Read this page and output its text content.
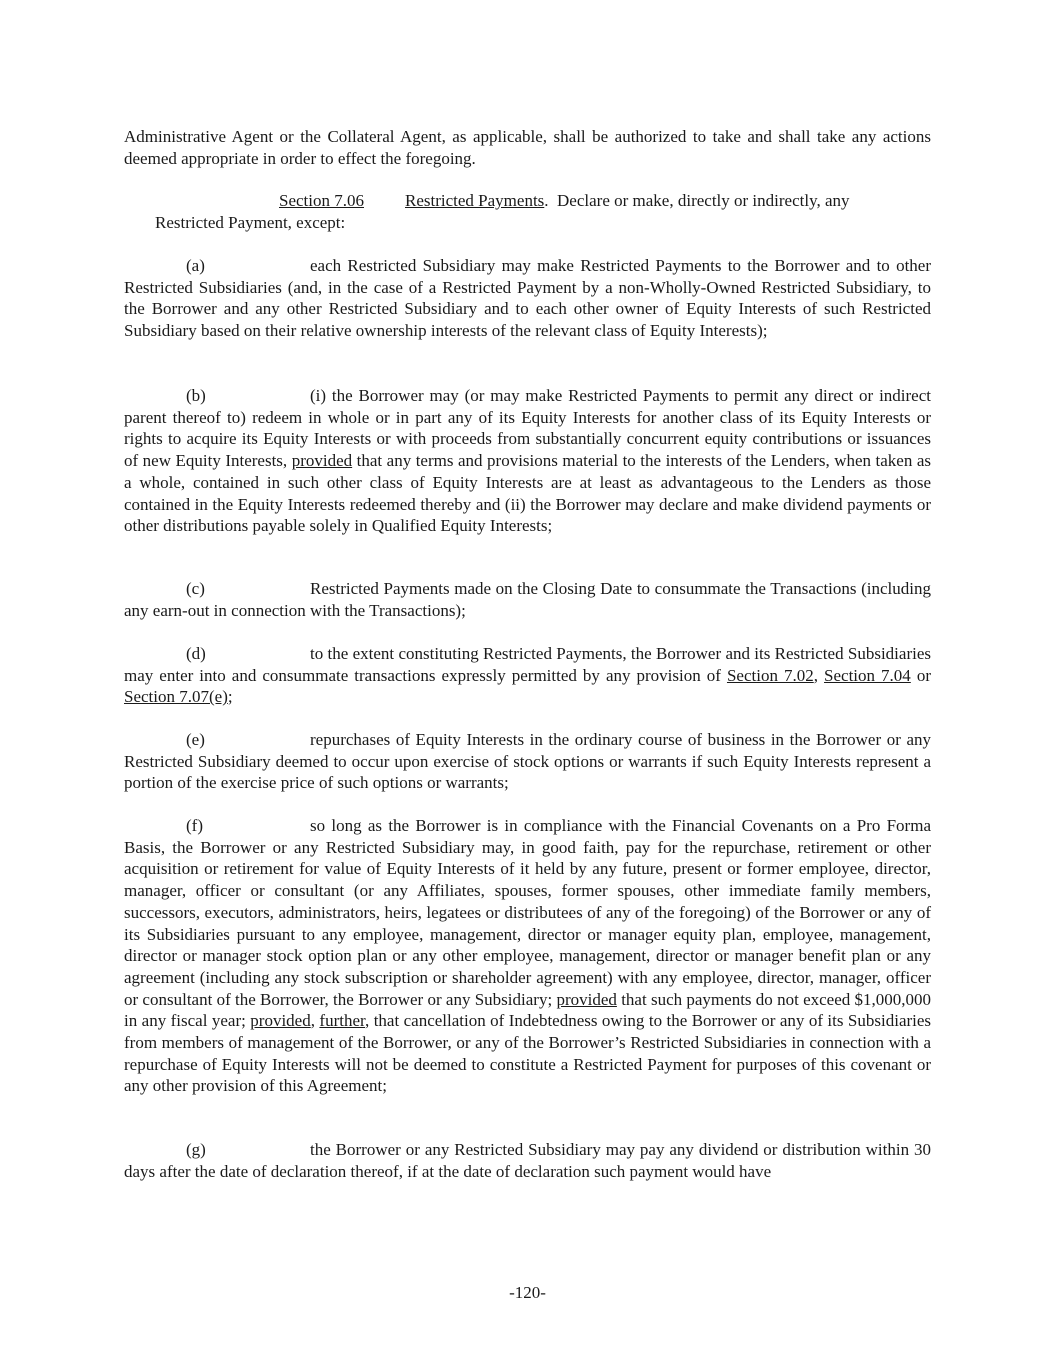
Administrative Agent or the Collateral Agent, as applicable, shall be authorized to take and shall take any actions deemed appropriate in order to effect the foregoing.

Section 7.06 Restricted Payments.  Declare or make, directly or indirectly, any

Restricted Payment, except:

(a)	each Restricted Subsidiary may make Restricted Payments to the Borrower and to other Restricted Subsidiaries (and, in the case of a Restricted Payment by a non-Wholly-Owned Restricted Subsidiary, to the Borrower and any other Restricted Subsidiary and to each other owner of Equity Interests of such Restricted Subsidiary based on their relative ownership interests of the relevant class of Equity Interests);

(b)	(i) the Borrower may (or may make Restricted Payments to permit any direct or indirect parent thereof to) redeem in whole or in part any of its Equity Interests for another class of its Equity Interests or rights to acquire its Equity Interests or with proceeds from substantially concurrent equity contributions or issuances of new Equity Interests, provided that any terms and provisions material to the interests of the Lenders, when taken as a whole, contained in such other class of Equity Interests are at least as advantageous to the Lenders as those contained in the Equity Interests redeemed thereby and (ii) the Borrower may declare and make dividend payments or other distributions payable solely in Qualified Equity Interests;

(c)	Restricted Payments made on the Closing Date to consummate the Transactions (including any earn-out in connection with the Transactions);

(d)	to the extent constituting Restricted Payments, the Borrower and its Restricted Subsidiaries may enter into and consummate transactions expressly permitted by any provision of Section 7.02, Section 7.04 or Section 7.07(e);

(e)	repurchases of Equity Interests in the ordinary course of business in the Borrower or any Restricted Subsidiary deemed to occur upon exercise of stock options or warrants if such Equity Interests represent a portion of the exercise price of such options or warrants;

(f)	so long as the Borrower is in compliance with the Financial Covenants on a Pro Forma Basis, the Borrower or any Restricted Subsidiary may, in good faith, pay for the repurchase, retirement or other acquisition or retirement for value of Equity Interests of it held by any future, present or former employee, director, manager, officer or consultant (or any Affiliates, spouses, former spouses, other immediate family members, successors, executors, administrators, heirs, legatees or distributees of any of the foregoing) of the Borrower or any of its Subsidiaries pursuant to any employee, management, director or manager equity plan, employee, management, director or manager stock option plan or any other employee, management, director or manager benefit plan or any agreement (including any stock subscription or shareholder agreement) with any employee, director, manager, officer or consultant of the Borrower, the Borrower or any Subsidiary; provided that such payments do not exceed $1,000,000 in any fiscal year; provided, further, that cancellation of Indebtedness owing to the Borrower or any of its Subsidiaries from members of management of the Borrower, or any of the Borrower’s Restricted Subsidiaries in connection with a repurchase of Equity Interests will not be deemed to constitute a Restricted Payment for purposes of this covenant or any other provision of this Agreement;

(g)	the Borrower or any Restricted Subsidiary may pay any dividend or distribution within 30 days after the date of declaration thereof, if at the date of declaration such payment would have

-120-
